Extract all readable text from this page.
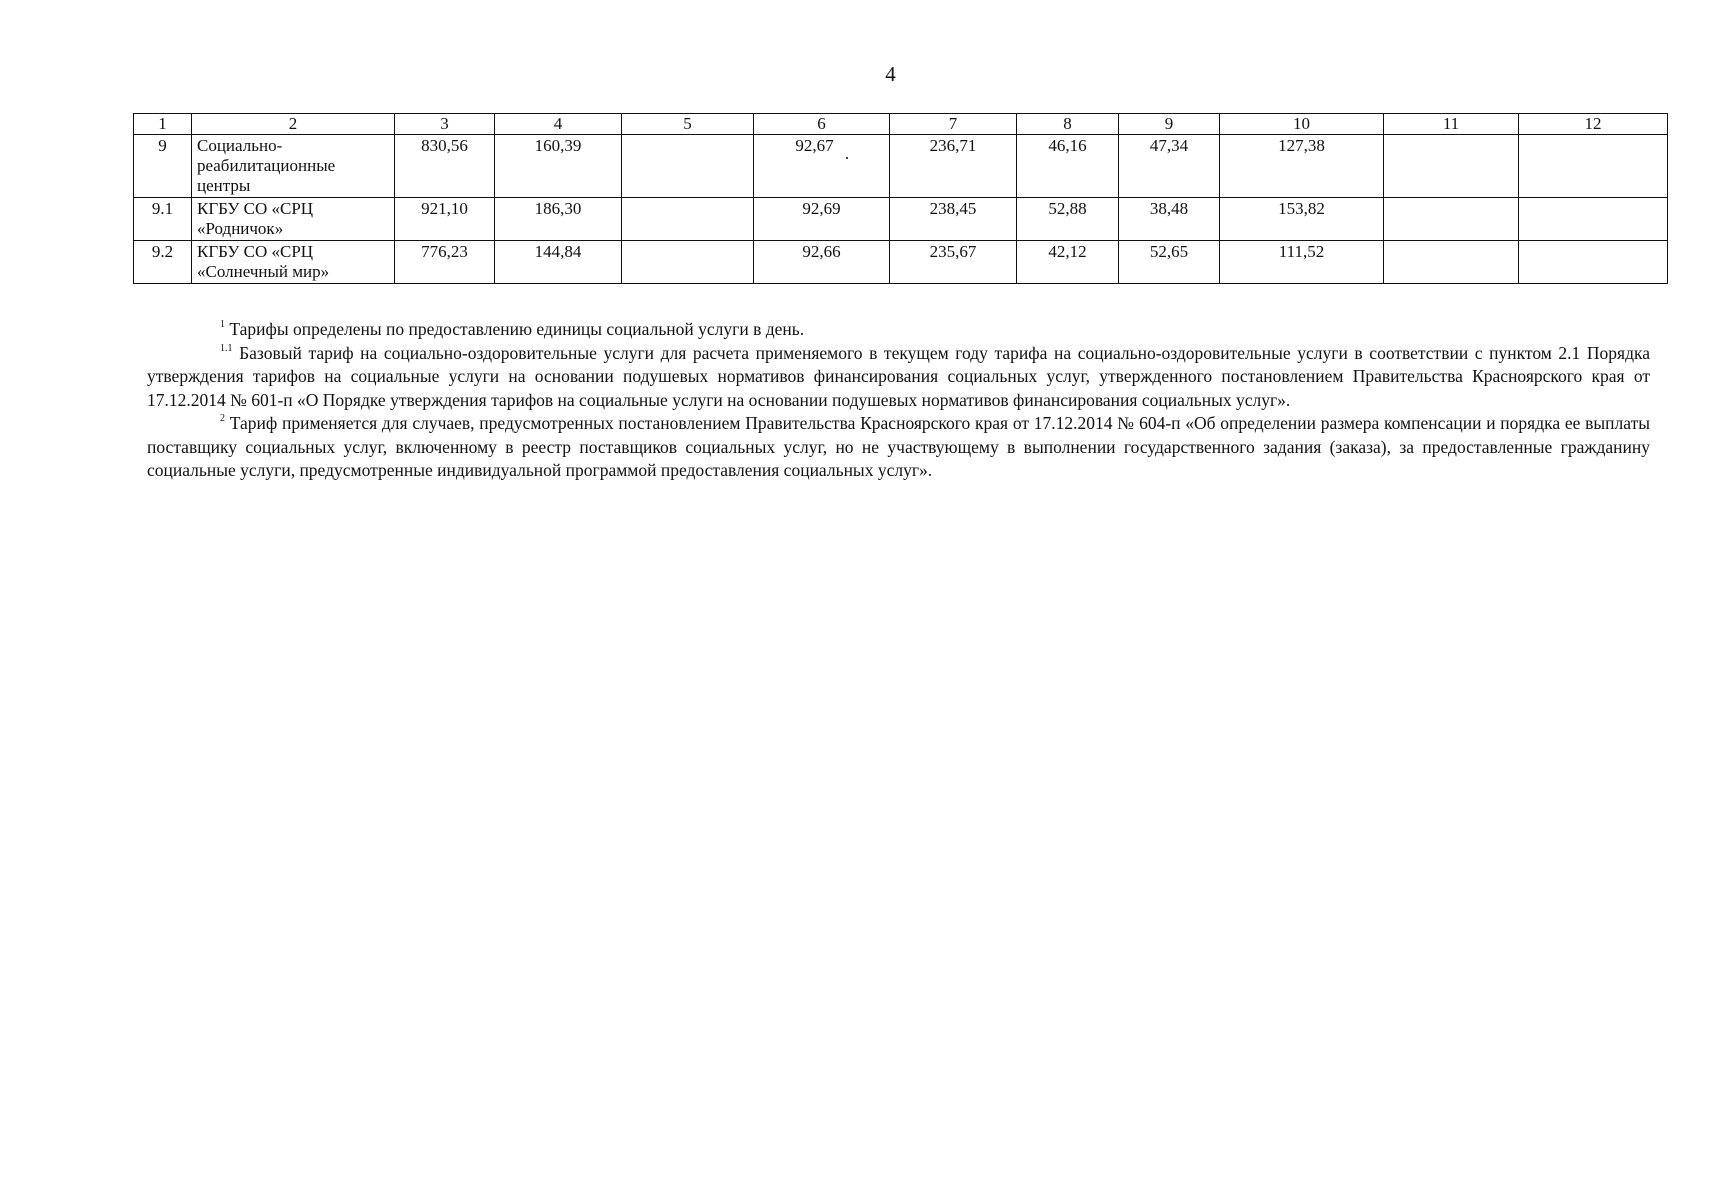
4
1	2	3	4	5	6	7	8	9	10	11	12
9	Социально-
реабилитационные
центры	830,56	160,39		92,67	236,71	46,16	47,34	127,38		
9.1	КГБУ СО «СРЦ
«Родничок»	921,10	186,30		92,69	238,45	52,88	38,48	153,82		
9.2	КГБУ СО «СРЦ
«Солнечный мир»	776,23	144,84		92,66	235,67	42,12	52,65	111,52		

$^1$ Тарифы определены по предоставлению единицы социальной услуги в день.

$^{1.1}$ Базовый тариф на социально-оздоровительные услуги для расчета применяемого в текущем году тарифа на социально-оздоровительные услуги в соответствии с пунктом 2.1 Порядка утверждения тарифов на социальные услуги на основании подушевых нормативов финансирования социальных услуг, утвержденного постановлением Правительства Красноярского края от 17.12.2014 № 601-п «О Порядке утверждения тарифов на социальные услуги на основании подушевых нормативов финансирования социальных услуг».

$^2$ Тариф применяется для случаев, предусмотренных постановлением Правительства Красноярского края от 17.12.2014 № 604-п «Об определении размера компенсации и порядка ее выплаты поставщику социальных услуг, включенному в реестр поставщиков социальных услуг, но не участвующему в выполнении государственного задания (заказа), за предоставленные гражданину социальные услуги, предусмотренные индивидуальной программой предоставления социальных услуг».
